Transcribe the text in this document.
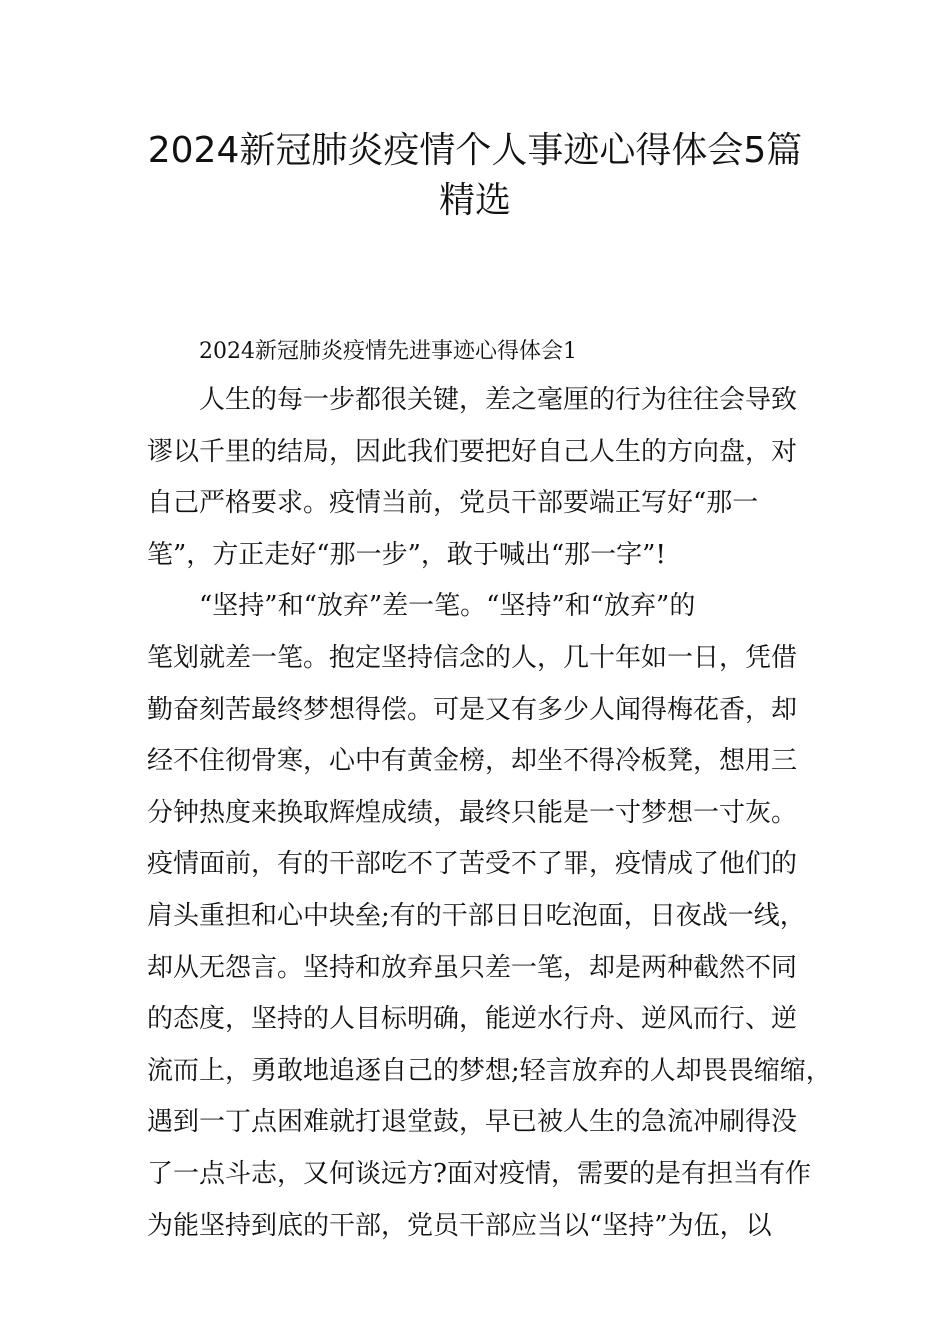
2024新冠肺炎疫情个人事迹心得体会5篇精选

2024新冠肺炎疫情先进事迹心得体会1

人生的每一步都很关键，差之毫厘的行为往往会导致
谬以千里的结局，因此我们要把好自己人生的方向盘，对
自己严格要求。疫情当前，党员干部要端正写好“那一
笔”，方正走好“那一步”，敢于喊出“那一字”!
“坚持”和“放弃”差一笔。“坚持”和“放弃”的
笔划就差一笔。抱定坚持信念的人，几十年如一日，凭借
勤奋刻苦最终梦想得偿。可是又有多少人闻得梅花香，却
经不住彻骨寒，心中有黄金榜，却坐不得冷板凳，想用三
分钟热度来换取辉煌成绩，最终只能是一寸梦想一寸灰。
疫情面前，有的干部吃不了苦受不了罪，疫情成了他们的
肩头重担和心中块垒;有的干部日日吃泡面，日夜战一线，
却从无怨言。坚持和放弃虽只差一笔，却是两种截然不同
的态度，坚持的人目标明确，能逆水行舟、逆风而行、逆
流而上，勇敢地追逐自己的梦想;轻言放弃的人却畏畏缩缩，
遇到一丁点困难就打退堂鼓，早已被人生的急流冲刷得没
了一点斗志，又何谈远方?面对疫情，需要的是有担当有作
为能坚持到底的干部，党员干部应当以“坚持”为伍，以
